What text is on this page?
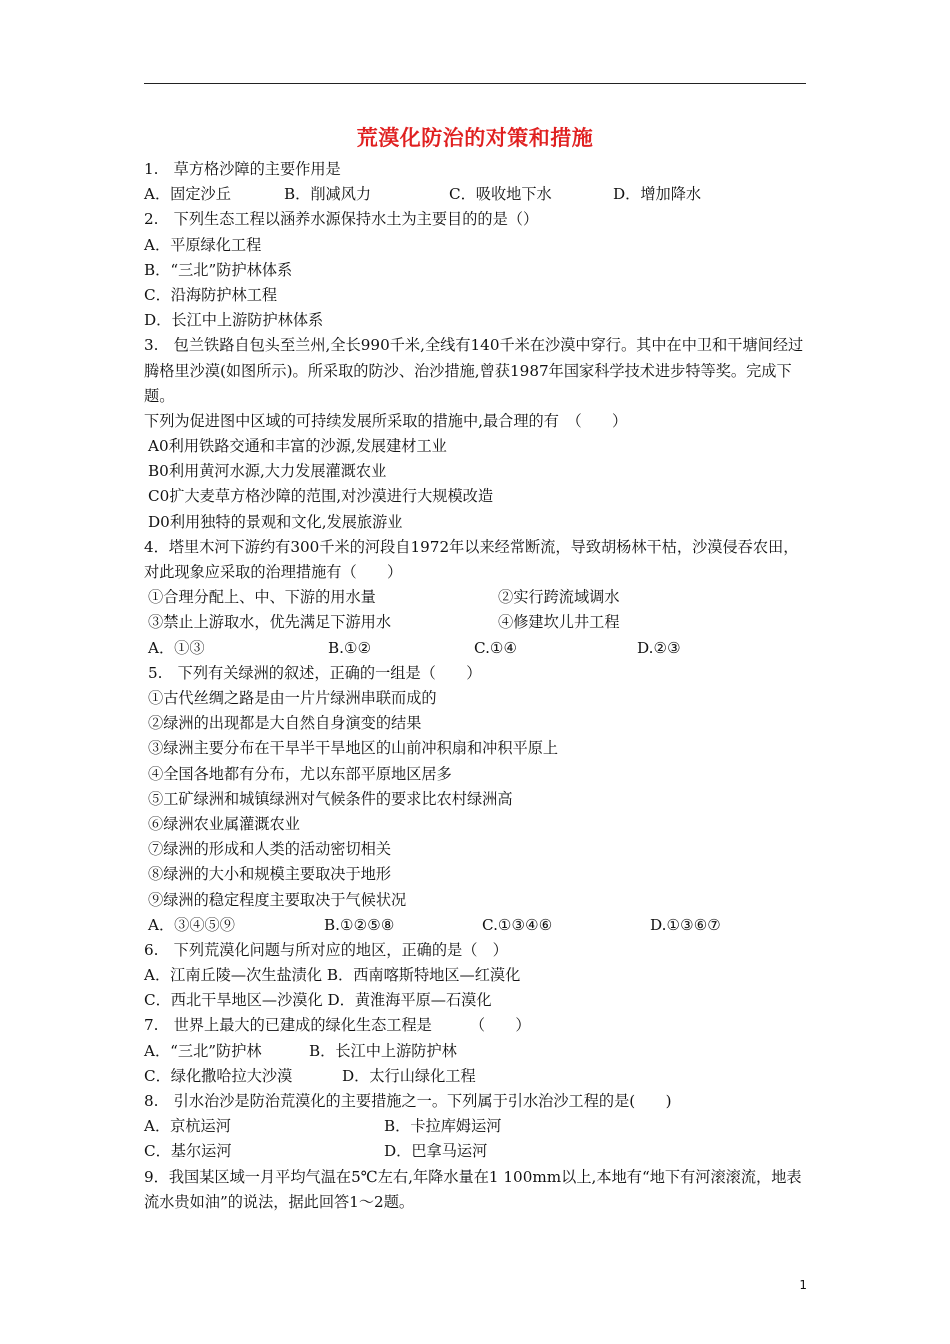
荒漠化防治的对策和措施
1.　草方格沙障的主要作用是
A．固定沙丘	B．削减风力	C．吸收地下水	D．增加降水
2.　下列生态工程以涵养水源保持水土为主要目的的是（）
A．平原绿化工程
B．“三北”防护林体系
C．沿海防护林工程
D．长江中上游防护林体系
3.　包兰铁路自包头至兰州,全长990千米,全线有140千米在沙漠中穿行。其中在中卫和干塘间经过腾格里沙漠(如图所示)。所采取的防沙、治沙措施,曾获1987年国家科学技术进步特等奖。完成下题。
下列为促进图中区域的可持续发展所采取的措施中,最合理的有　（　　）
A0利用铁路交通和丰富的沙源,发展建材工业
B0利用黄河水源,大力发展灌溉农业
C0扩大麦草方格沙障的范围,对沙漠进行大规模改造
D0利用独特的景观和文化,发展旅游业
4．塔里木河下游约有300千米的河段自1972年以来经常断流，导致胡杨林干枯，沙漠侵吞农田，对此现象应采取的治理措施有（　　）
①合理分配上、中、下游的用水量	②实行跨流域调水
③禁止上游取水，优先满足下游用水	④修建坎儿井工程
A．①③	B.①②	C.①④	D.②③
5.　下列有关绿洲的叙述，正确的一组是（　　）
①古代丝绸之路是由一片片绿洲串联而成的
②绿洲的出现都是大自然自身演变的结果
③绿洲主要分布在干旱半干旱地区的山前冲积扇和冲积平原上
④全国各地都有分布，尤以东部平原地区居多
⑤工矿绿洲和城镇绿洲对气候条件的要求比农村绿洲高
⑥绿洲农业属灌溉农业
⑦绿洲的形成和人类的活动密切相关
⑧绿洲的大小和规模主要取决于地形
⑨绿洲的稳定程度主要取决于气候状况
A．③④⑤⑨	B.①②⑤⑧	C.①③④⑥	D.①③⑥⑦
6.　下列荒漠化问题与所对应的地区，正确的是（　）
A．江南丘陵—次生盐渍化 B．西南喀斯特地区—红漠化
C．西北干旱地区—沙漠化 D．黄淮海平原—石漠化
7.　世界上最大的已建成的绿化生态工程是　　　（　　）
A．“三北”防护林	B．长江中上游防护林
C．绿化撒哈拉大沙漠	D．太行山绿化工程
8.　引水治沙是防治荒漠化的主要措施之一。下列属于引水治沙工程的是(　　)
A．京杭运河	B．卡拉库姆运河
C．基尔运河	D．巴拿马运河
9．我国某区域一月平均气温在5℃左右,年降水量在1 100mm以上,本地有“地下有河滚滚流，地表流水贵如油”的说法，据此回答1～2题。
1
